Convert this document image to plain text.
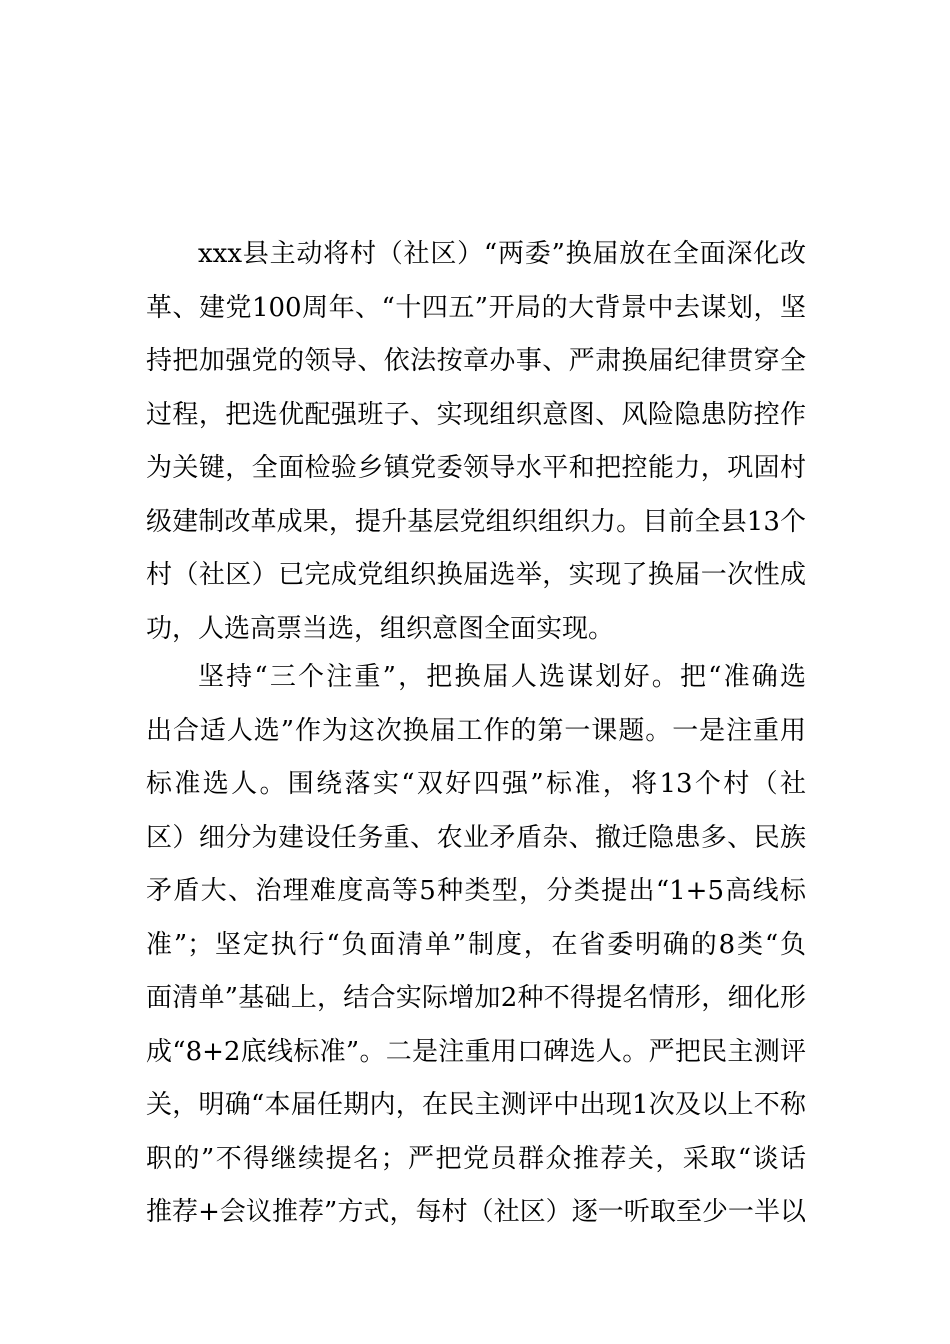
xxx县主动将村（社区）“两委”换届放在全面深化改
革、建党100周年、“十四五”开局的大背景中去谋划，坚
持把加强党的领导、依法按章办事、严肃换届纪律贯穿全
过程，把选优配强班子、实现组织意图、风险隐患防控作
为关键，全面检验乡镇党委领导水平和把控能力，巩固村
级建制改革成果，提升基层党组织组织力。目前全县13个
村（社区）已完成党组织换届选举，实现了换届一次性成
功，人选高票当选，组织意图全面实现。
坚持“三个注重”，把换届人选谋划好。把“准确选
出合适人选”作为这次换届工作的第一课题。一是注重用
标准选人。围绕落实“双好四强”标准，将13个村（社
区）细分为建设任务重、农业矛盾杂、撤迁隐患多、民族
矛盾大、治理难度高等5种类型，分类提出“1+5高线标
准”；坚定执行“负面清单”制度，在省委明确的8类“负
面清单”基础上，结合实际增加2种不得提名情形，细化形
成“8+2底线标准”。二是注重用口碑选人。严把民主测评
关，明确“本届任期内，在民主测评中出现1次及以上不称
职的”不得继续提名；严把党员群众推荐关，采取“谈话
推荐+会议推荐”方式，每村（社区）逐一听取至少一半以
